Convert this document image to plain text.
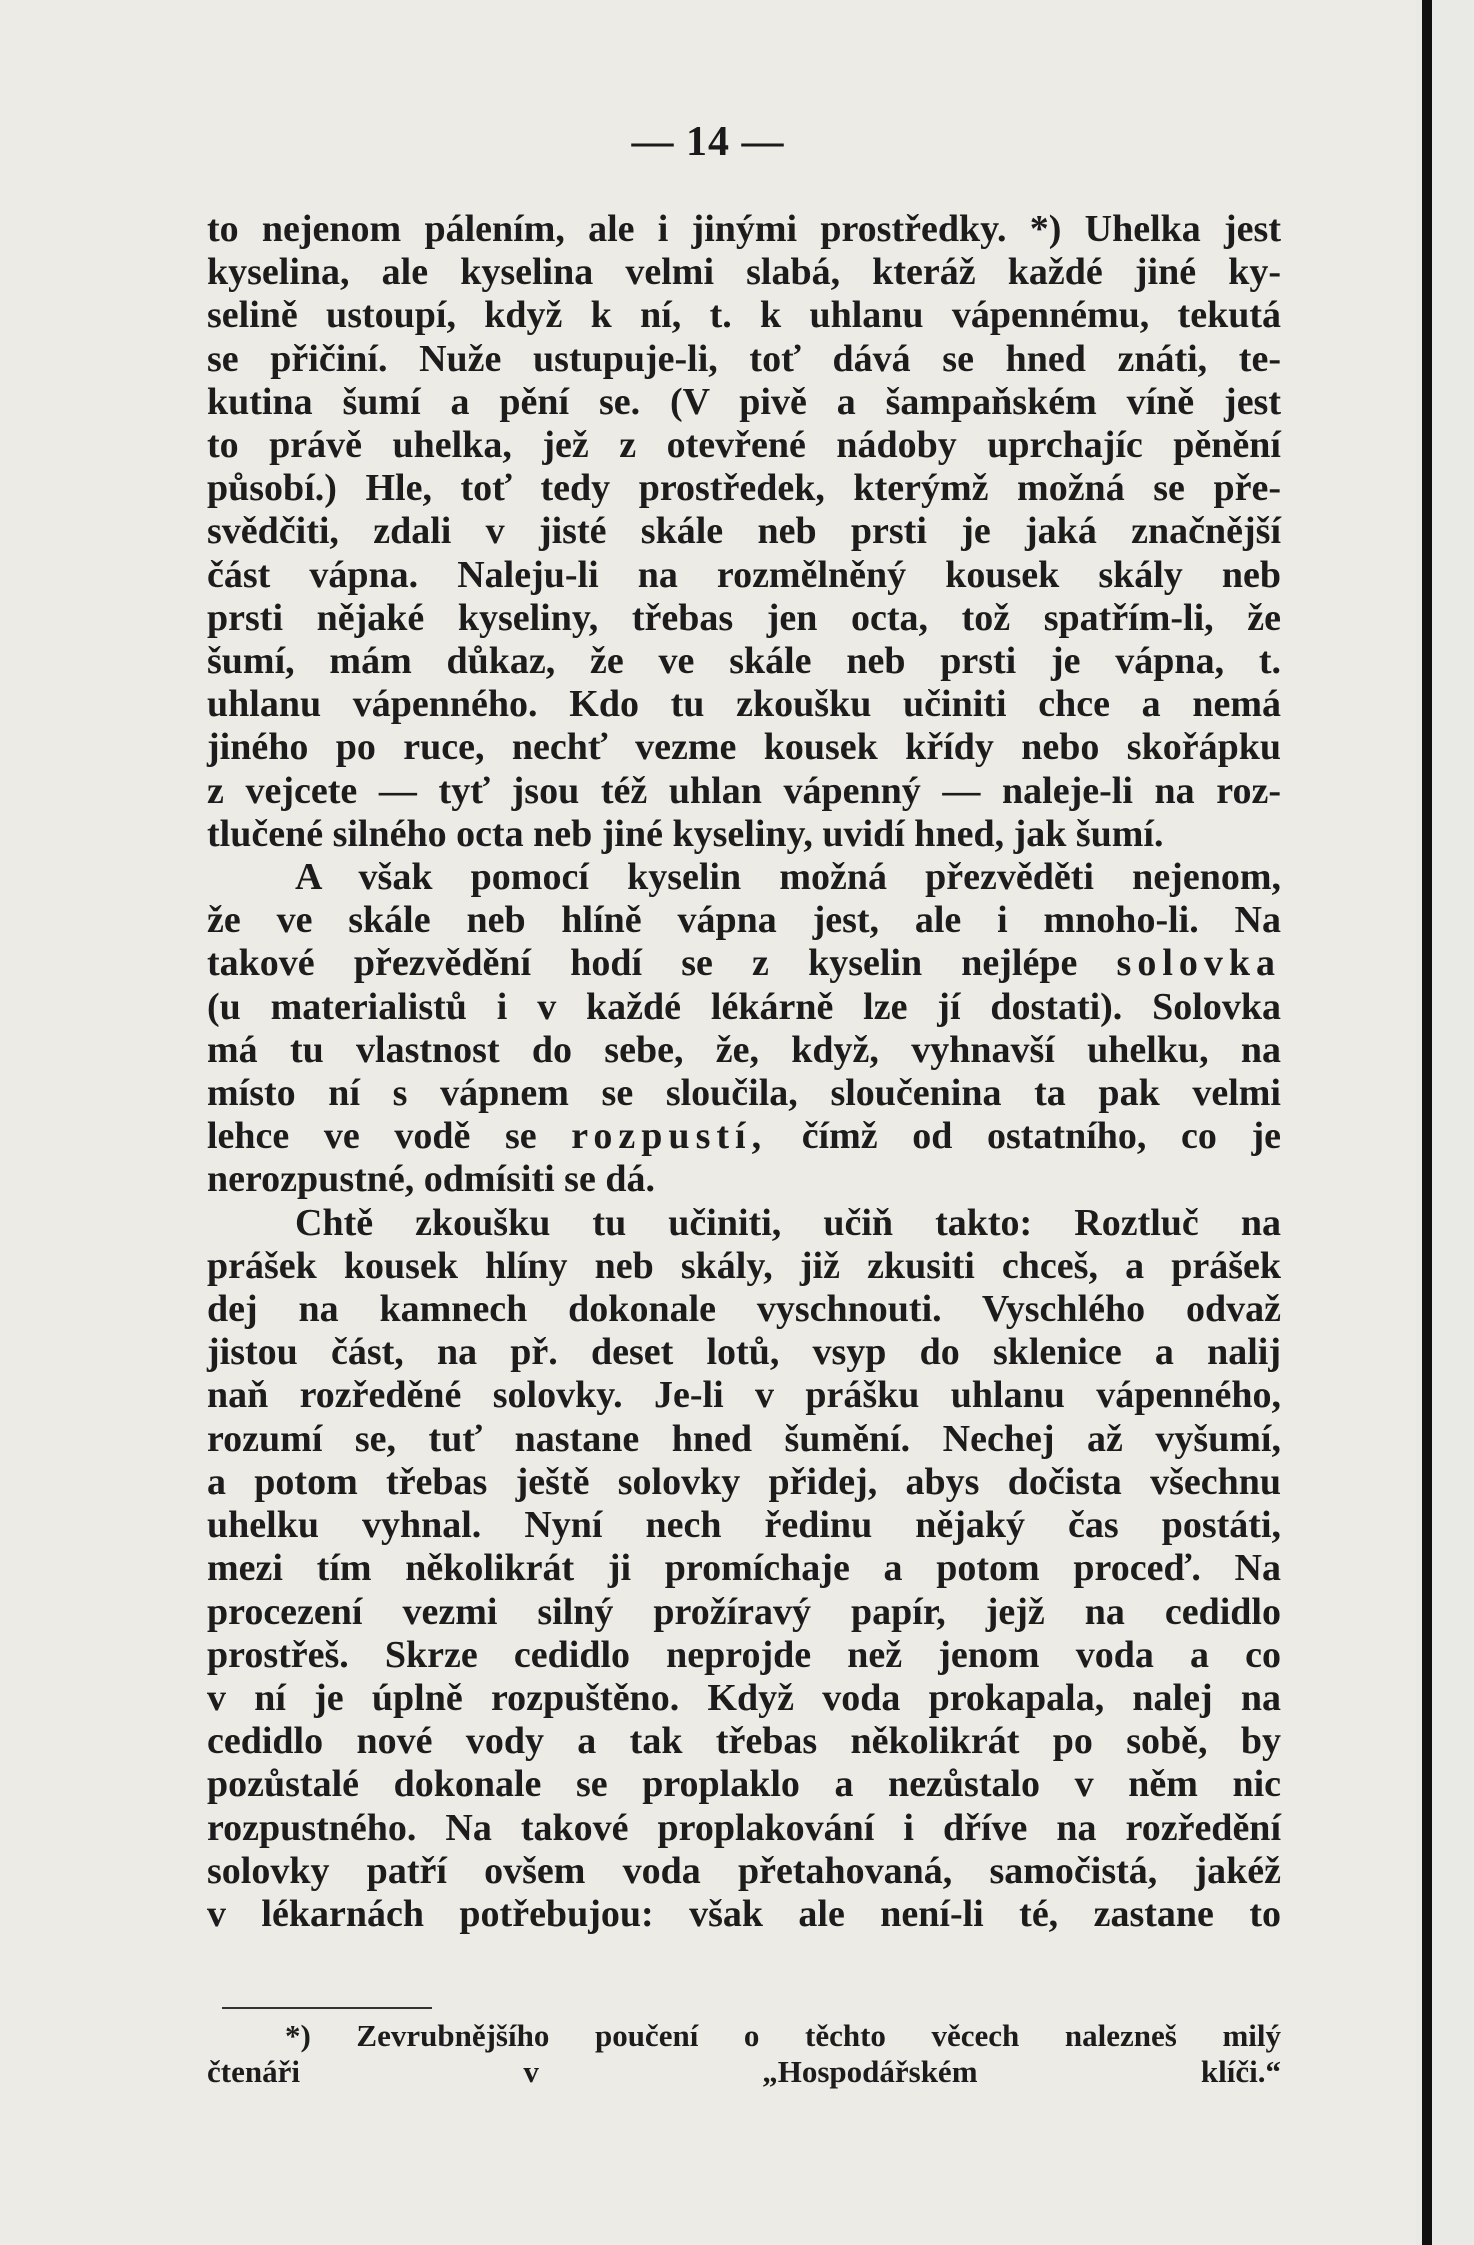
— 14 —
to nejenom pálením, ale i jinými prostředky. *) Uhelka jest
kyselina, ale kyselina velmi slabá, kteráž každé jiné ky-
selině ustoupí, když k ní, t. k uhlanu vápennému, tekutá
se přičiní. Nuže ustupuje-li, toť dává se hned znáti, te-
kutina šumí a pění se. (V pivě a šampaňském víně jest
to právě uhelka, jež z otevřené nádoby uprchajíc pěnění
působí.) Hle, toť tedy prostředek, kterýmž možná se pře-
svědčiti, zdali v jisté skále neb prsti je jaká značnější
část vápna. Naleju-li na rozmělněný kousek skály neb
prsti nějaké kyseliny, třebas jen octa, tož spatřím-li, že
šumí, mám důkaz, že ve skále neb prsti je vápna, t.
uhlanu vápenného. Kdo tu zkoušku učiniti chce a nemá
jiného po ruce, nechť vezme kousek křídy nebo skořápku
z vejcete — tyť jsou též uhlan vápenný — naleje-li na roz-
tlučené silného octa neb jiné kyseliny, uvidí hned, jak šumí.
A však pomocí kyselin možná přezvěděti nejenom,
že ve skále neb hlíně vápna jest, ale i mnoho-li. Na
takové přezvědění hodí se z kyselin nejlépe solovka
(u materialistů i v každé lékárně lze jí dostati). Solovka
má tu vlastnost do sebe, že, když, vyhnavší uhelku, na
místo ní s vápnem se sloučila, sloučenina ta pak velmi
lehce ve vodě se rozpustí, čímž od ostatního, co je
nerozpustné, odmísiti se dá.
Chtě zkoušku tu učiniti, učiň takto: Roztluč na
prášek kousek hlíny neb skály, již zkusiti chceš, a prášek
dej na kamnech dokonale vyschnouti. Vyschlého odvaž
jistou část, na př. deset lotů, vsyp do sklenice a nalij
naň rozředěné solovky. Je-li v prášku uhlanu vápenného,
rozumí se, tuť nastane hned šumění. Nechej až vyšumí,
a potom třebas ještě solovky přidej, abys dočista všechnu
uhelku vyhnal. Nyní nech ředinu nějaký čas postáti,
mezi tím několikrát ji promíchaje a potom proceď. Na
procezení vezmi silný prožíravý papír, jejž na cedidlo
prostřeš. Skrze cedidlo neprojde než jenom voda a co
v ní je úplně rozpuštěno. Když voda prokapala, nalej na
cedidlo nové vody a tak třebas několikrát po sobě, by
pozůstalé dokonale se proplaklo a nezůstalo v něm nic
rozpustného. Na takové proplakování i dříve na rozředění
solovky patří ovšem voda přetahovaná, samočistá, jakéž
v lékarnách potřebujou: však ale není-li té, zastane to
*) Zevrubnějšího poučení o těchto věcech nalezneš milý
čtenáři v „Hospodářském klíči.“
